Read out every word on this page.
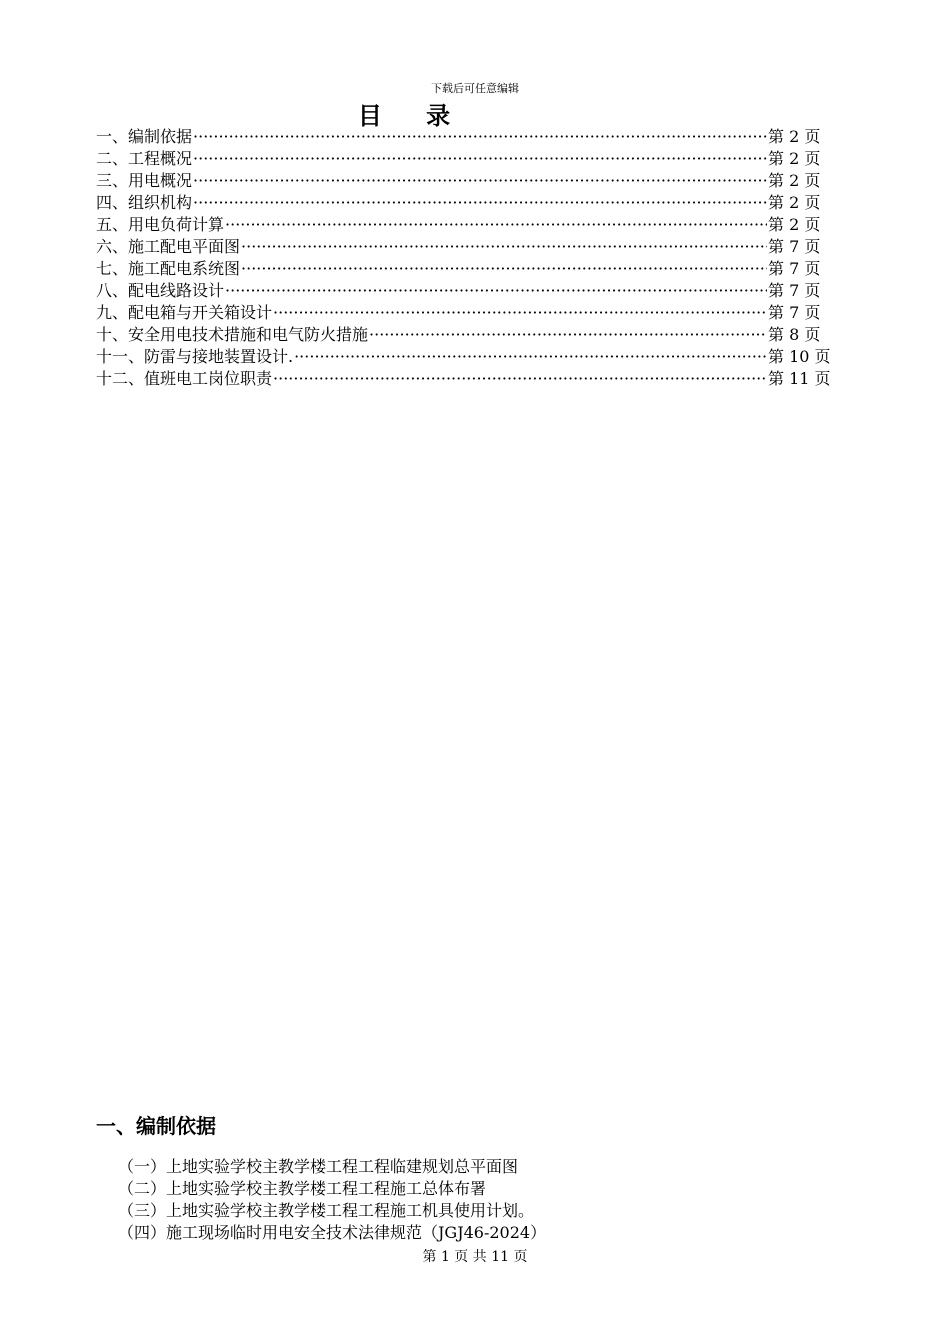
下载后可任意编辑
目 录
一、编制依据 ·····	第 2 页
二、工程概况 ·····	第 2 页
三、用电概况 ·····	第 2 页
四、组织机构 ·····	第 2 页
五、用电负荷计算 ·····	第 2 页
六、施工配电平面图 ·····	第 7 页
七、施工配电系统图 ·····	第 7 页
八、配电线路设计 ·····	第 7 页
九、配电箱与开关箱设计 ·····	第 7 页
十、安全用电技术措施和电气防火措施 ·····	第 8 页
十一、防雷与接地装置设计. ·····	第 10 页
十二、值班电工岗位职责 ·····	第 11 页
一、编制依据
（一）上地实验学校主教学楼工程工程临建规划总平面图
（二）上地实验学校主教学楼工程工程施工总体布署
（三）上地实验学校主教学楼工程工程施工机具使用计划。
（四）施工现场临时用电安全技术法律规范（JGJ46-2024）
第 1 页 共 11 页
